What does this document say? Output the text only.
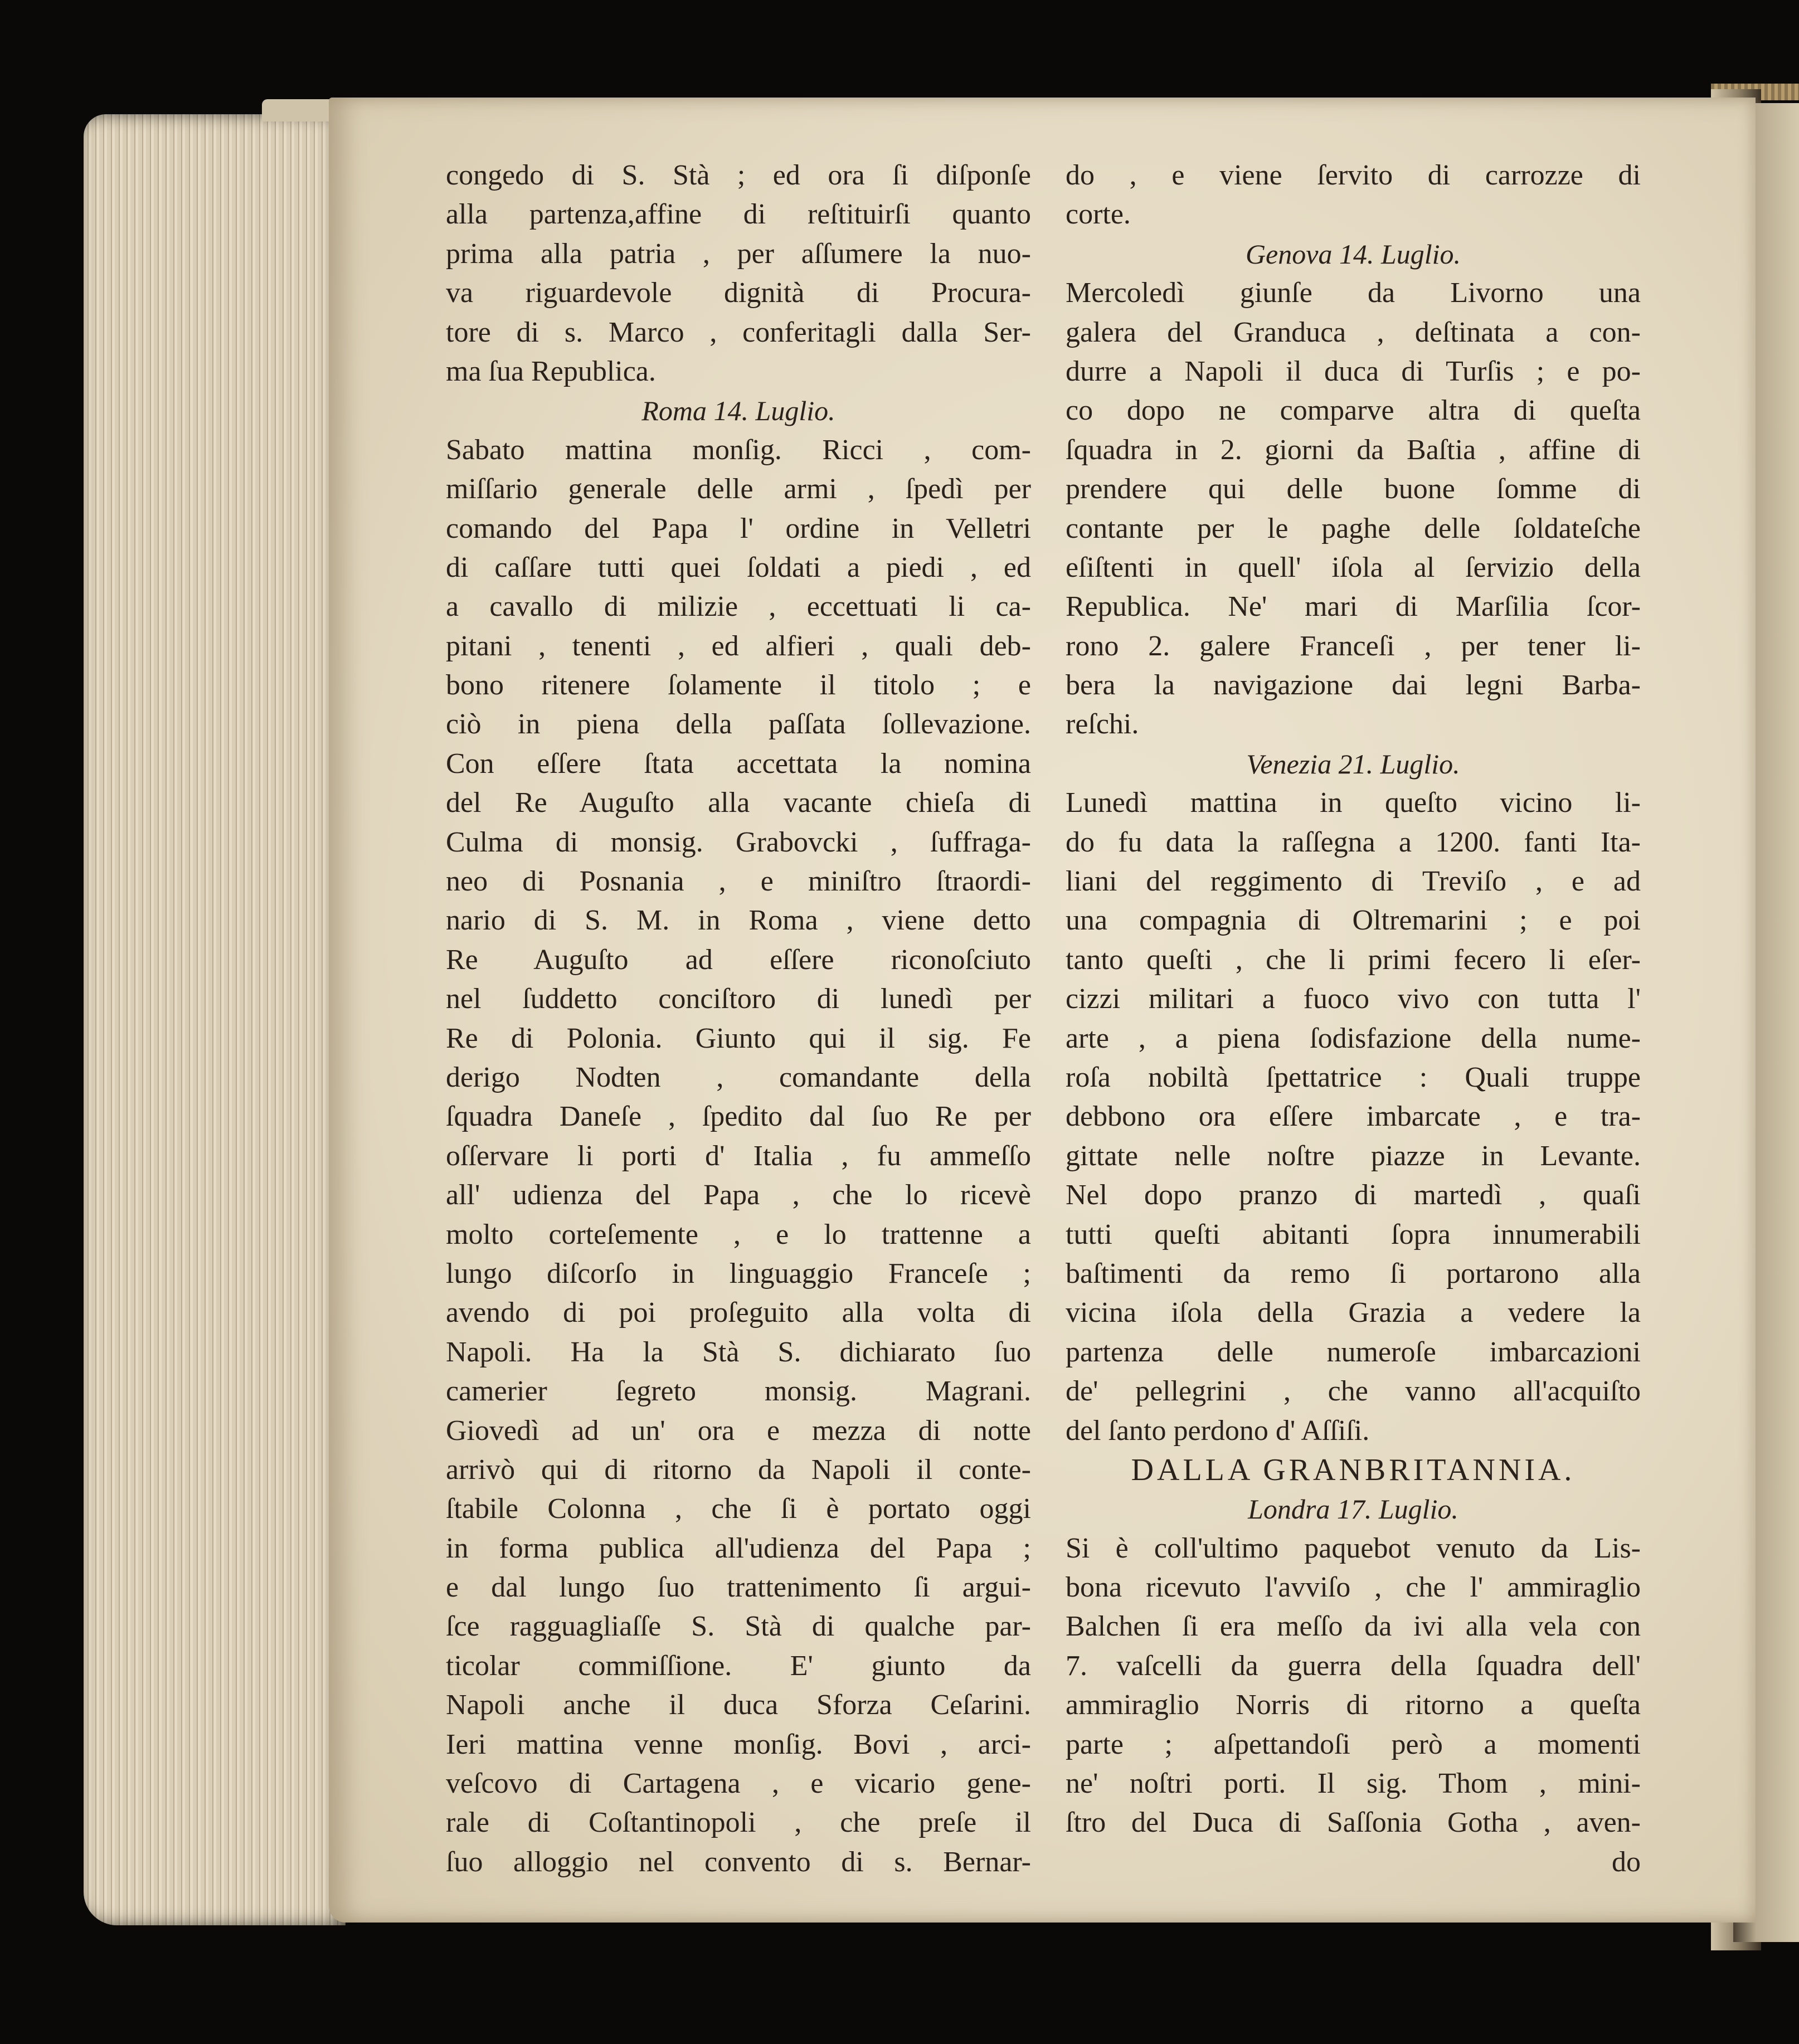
congedo di S. Stà ; ed ora ſi diſponſe
alla partenza,affine di reſtituirſi quanto
prima alla patria , per aſſumere la nuo-
va riguardevole dignità di Procura-
tore di s. Marco , conferitagli dalla Ser-
ma ſua Republica.
Roma 14. Luglio.
Sabato mattina monſig. Ricci , com-
miſſario generale delle armi , ſpedì per
comando del Papa l' ordine in Velletri
di caſſare tutti quei ſoldati a piedi , ed
a cavallo di milizie , eccettuati li ca-
pitani , tenenti , ed alfieri , quali deb-
bono ritenere ſolamente il titolo ; e
ciò in piena della paſſata ſollevazione.
Con eſſere ſtata accettata la nomina
del Re Auguſto alla vacante chieſa di
Culma di monsig. Grabovcki , ſuffraga-
neo di Posnania , e miniſtro ſtraordi-
nario di S. M. in Roma , viene detto
Re Auguſto ad eſſere riconoſciuto
nel ſuddetto conciſtoro di lunedì per
Re di Polonia. Giunto qui il sig. Fe
derigo Nodten , comandante della
ſquadra Daneſe , ſpedito dal ſuo Re per
oſſervare li porti d' Italia , fu ammeſſo
all' udienza del Papa , che lo ricevè
molto corteſemente , e lo trattenne a
lungo diſcorſo in linguaggio Franceſe ;
avendo di poi proſeguito alla volta di
Napoli. Ha la Stà S. dichiarato ſuo
camerier ſegreto monsig. Magrani.
Giovedì ad un' ora e mezza di notte
arrivò qui di ritorno da Napoli il conte-
ſtabile Colonna , che ſi è portato oggi
in forma publica all'udienza del Papa ;
e dal lungo ſuo trattenimento ſi argui-
ſce ragguagliaſſe S. Stà di qualche par-
ticolar commiſſione. E' giunto da
Napoli anche il duca Sforza Ceſarini.
Ieri mattina venne monſig. Bovi , arci-
veſcovo di Cartagena , e vicario gene-
rale di Coſtantinopoli , che preſe il
ſuo alloggio nel convento di s. Bernar-
do , e viene ſervito di carrozze di
corte.
Genova 14. Luglio.
Mercoledì giunſe da Livorno una
galera del Granduca , deſtinata a con-
durre a Napoli il duca di Turſis ; e po-
co dopo ne comparve altra di queſta
ſquadra in 2. giorni da Baſtia , affine di
prendere qui delle buone ſomme di
contante per le paghe delle ſoldateſche
eſiſtenti in quell' iſola al ſervizio della
Republica. Ne' mari di Marſilia ſcor-
rono 2. galere Franceſi , per tener li-
bera la navigazione dai legni Barba-
reſchi.
Venezia 21. Luglio.
Lunedì mattina in queſto vicino li-
do fu data la raſſegna a 1200. fanti Ita-
liani del reggimento di Treviſo , e ad
una compagnia di Oltremarini ; e poi
tanto queſti , che li primi fecero li eſer-
cizzi militari a fuoco vivo con tutta l'
arte , a piena ſodisfazione della nume-
roſa nobiltà ſpettatrice : Quali truppe
debbono ora eſſere imbarcate , e tra-
gittate nelle noſtre piazze in Levante.
Nel dopo pranzo di martedì , quaſi
tutti queſti abitanti ſopra innumerabili
baſtimenti da remo ſi portarono alla
vicina iſola della Grazia a vedere la
partenza delle numeroſe imbarcazioni
de' pellegrini , che vanno all'acquiſto
del ſanto perdono d' Aſſiſi.
DALLA GRANBRITANNIA.
Londra 17. Luglio.
Si è coll'ultimo paquebot venuto da Lis-
bona ricevuto l'avviſo , che l' ammiraglio
Balchen ſi era meſſo da ivi alla vela con
7. vaſcelli da guerra della ſquadra dell'
ammiraglio Norris di ritorno a queſta
parte ; aſpettandoſi però a momenti
ne' noſtri porti. Il sig. Thom , mini-
ſtro del Duca di Saſſonia Gotha , aven-
do
